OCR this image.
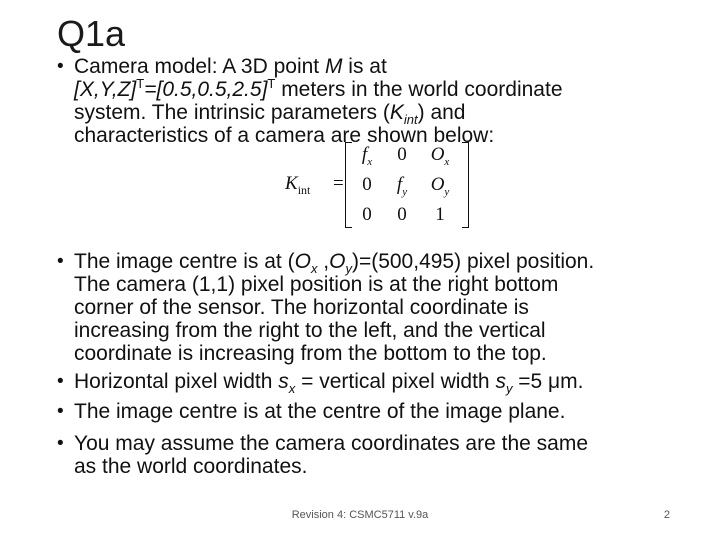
Q1a
• Camera model: A 3D point M is at
$[X,Y,Z]^T=[0.5,0.5,2.5]^T$ meters in the world coordinate
system. The intrinsic parameters $(K_{int})$ and
characteristics of a camera are shown below:
$K_{int}$ =
$f_x$	0	$O_x$
0	$f_y$	$O_y$
0	0	1
• The image centre is at ($O_x$ $,O_y)=(500,495)$ pixel position.
The camera (1,1) pixel position is at the right bottom
corner of the sensor. The horizontal coordinate is
increasing from the right to the left, and the vertical
coordinate is increasing from the bottom to the top.
• Horizontal pixel width $s_x$ = vertical pixel width $s_y =5$ μm.
• The image centre is at the centre of the image plane.
• You may assume the camera coordinates are the same
as the world coordinates.
Revision 4: CSMC5711 v.9a	2
